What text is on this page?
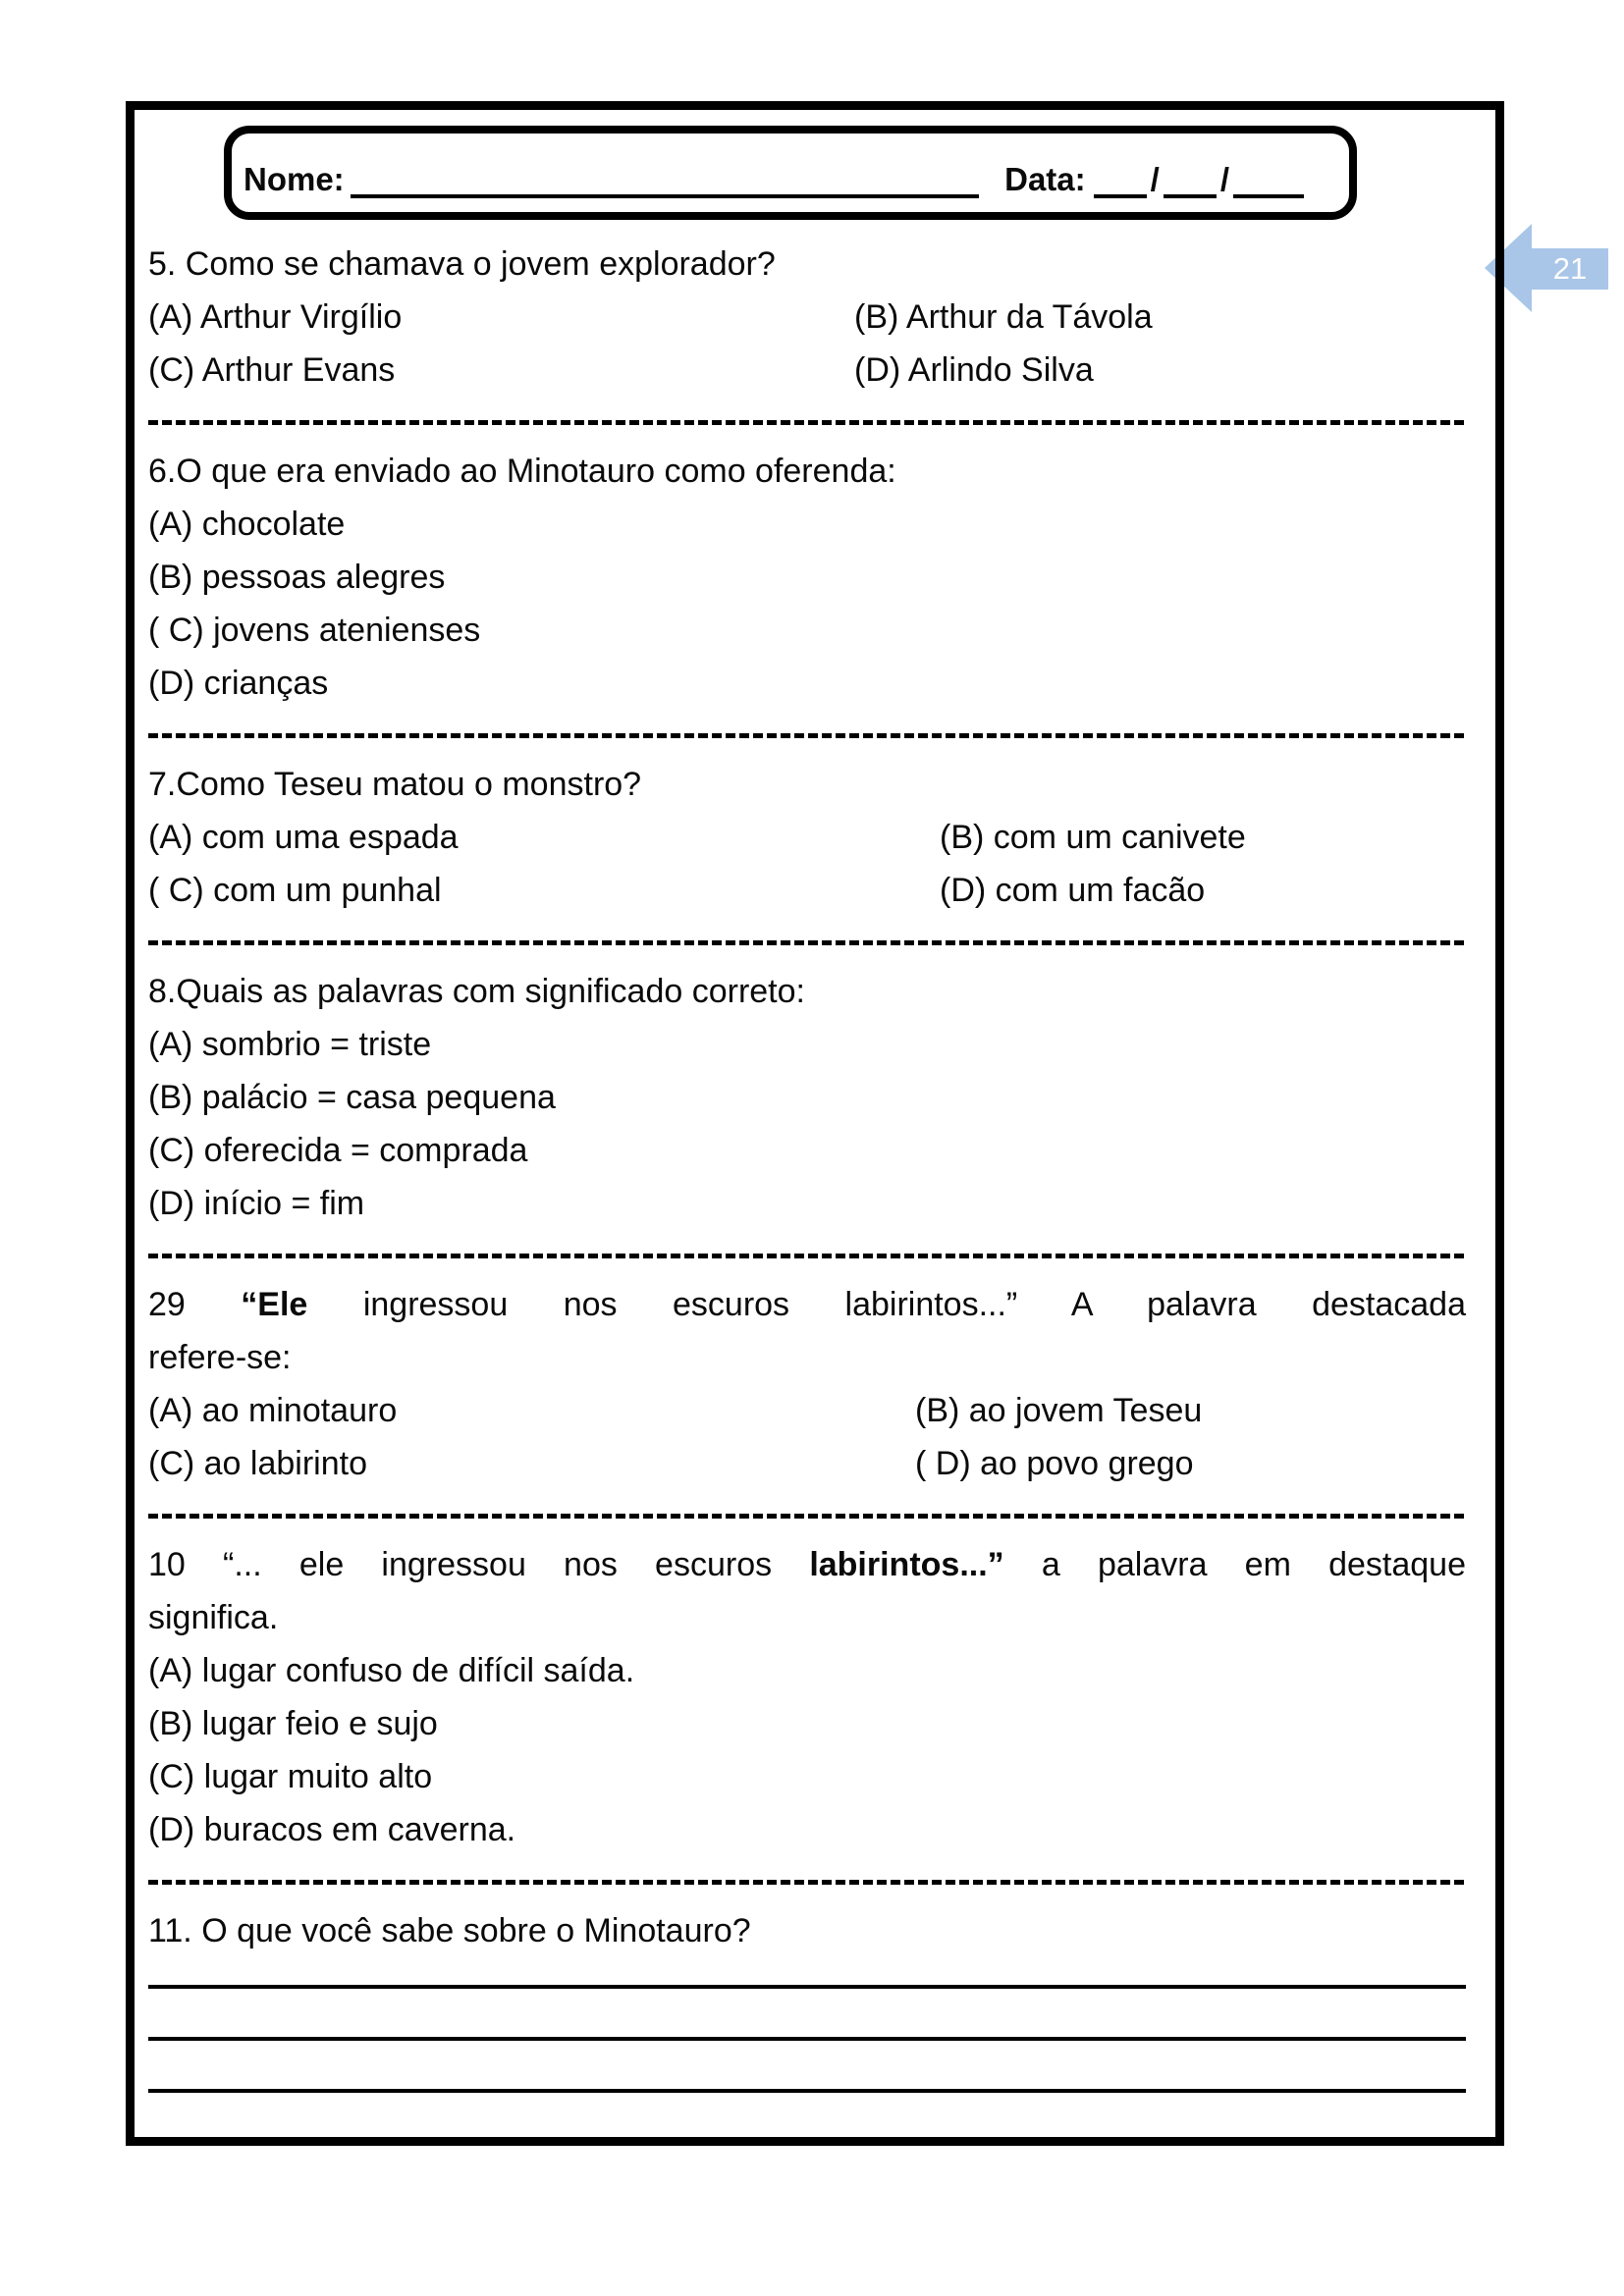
Nome:	Data: / /
5. Como se chamava o jovem explorador?
(A) Arthur Virgílio	(B) Arthur da Távola
(C) Arthur Evans	(D) Arlindo Silva
6.O que era enviado ao Minotauro como oferenda:
(A) chocolate
(B) pessoas alegres
( C) jovens atenienses
(D) crianças
7.Como Teseu matou o monstro?
(A) com uma espada	(B) com um canivete
( C) com um punhal	(D) com um facão
8.Quais as palavras com significado correto:
(A) sombrio = triste
(B) palácio = casa pequena
(C) oferecida = comprada
(D) início = fim
29 “Ele ingressou nos escuros labirintos...” A palavra destacada
refere-se:
(A) ao minotauro	(B) ao jovem Teseu
(C) ao labirinto	( D) ao povo grego
10 “... ele ingressou nos escuros labirintos...” a palavra em destaque
significa.
(A) lugar confuso de difícil saída.
(B) lugar feio e sujo
(C) lugar muito alto
(D) buracos em caverna.
11. O que você sabe sobre o Minotauro?
21
